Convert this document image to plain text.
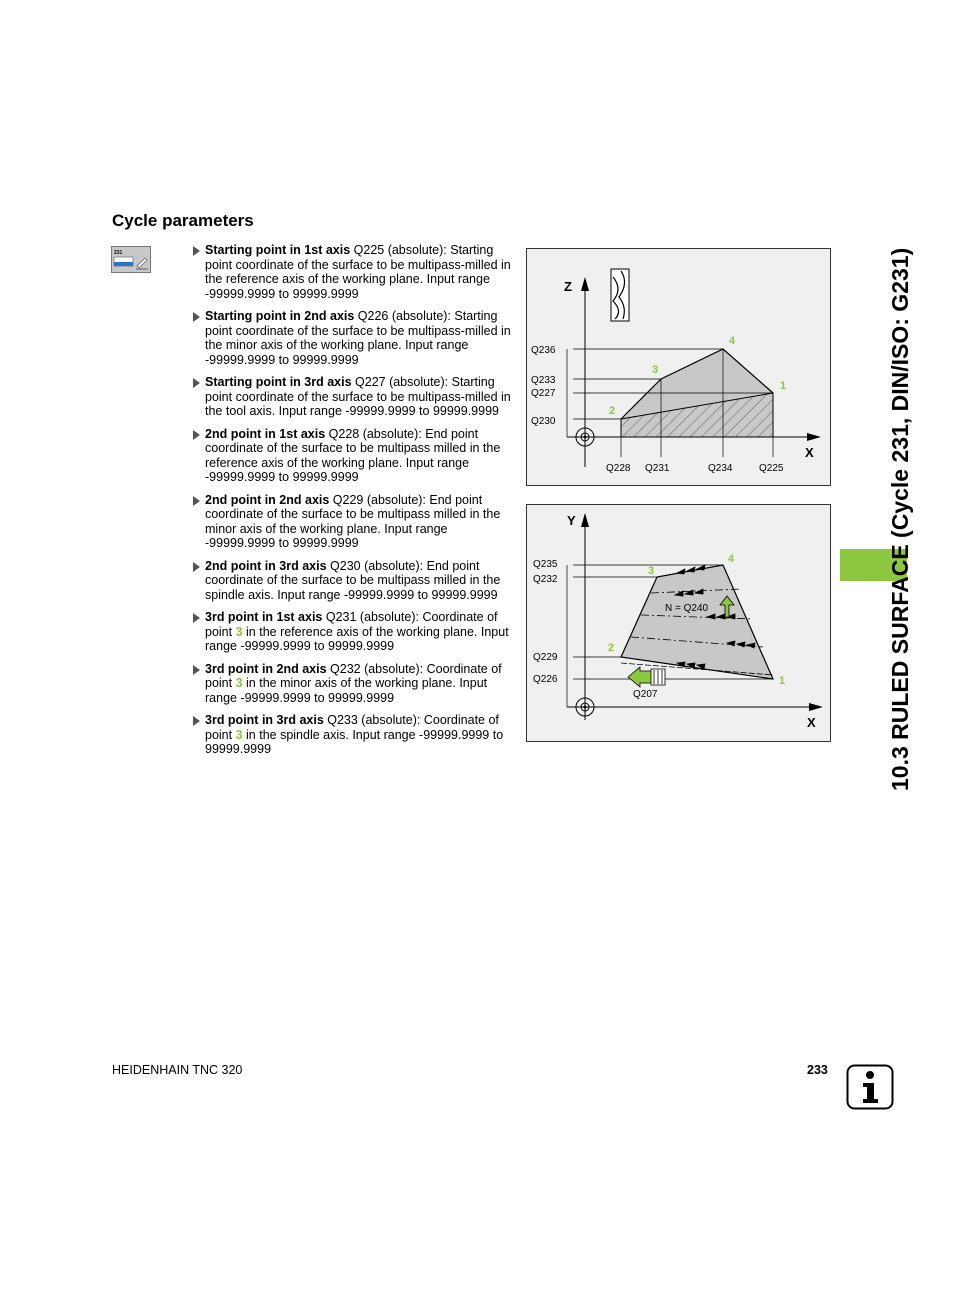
Cycle parameters
231	Starting point in 1st axis Q225 (absolute): Starting point coordinate of the surface to be multipass-milled in the reference axis of the working plane. Input range -99999.9999 to 99999.9999
Starting point in 2nd axis Q226 (absolute): Starting point coordinate of the surface to be multipass-milled in the minor axis of the working plane. Input range -99999.9999 to 99999.9999
Starting point in 3rd axis Q227 (absolute): Starting point coordinate of the surface to be multipass-milled in the tool axis. Input range -99999.9999 to 99999.9999
2nd point in 1st axis Q228 (absolute): End point coordinate of the surface to be multipass milled in the reference axis of the working plane. Input range -99999.9999 to 99999.9999
2nd point in 2nd axis Q229 (absolute): End point coordinate of the surface to be multipass milled in the minor axis of the working plane. Input range -99999.9999 to 99999.9999
2nd point in 3rd axis Q230 (absolute): End point coordinate of the surface to be multipass milled in the spindle axis. Input range -99999.9999 to 99999.9999
3rd point in 1st axis Q231 (absolute): Coordinate of point 3 in the reference axis of the working plane. Input range -99999.9999 to 99999.9999
3rd point in 2nd axis Q232 (absolute): Coordinate of point 3 in the minor axis of the working plane. Input range -99999.9999 to 99999.9999
3rd point in 3rd axis Q233 (absolute): Coordinate of point 3 in the spindle axis. Input range -99999.9999 to 99999.9999
Z
X
Q236
Q233
Q227
Q230
Q228 Q231	Q234	Q225
1
2
3
4
Y
X
N = Q240
Q207
Q235
Q232
Q229
Q226	1
2
3
4	10.3 RULED SURFACE (Cycle 231, DIN/ISO: G231)
HEIDENHAIN TNC 320	233
